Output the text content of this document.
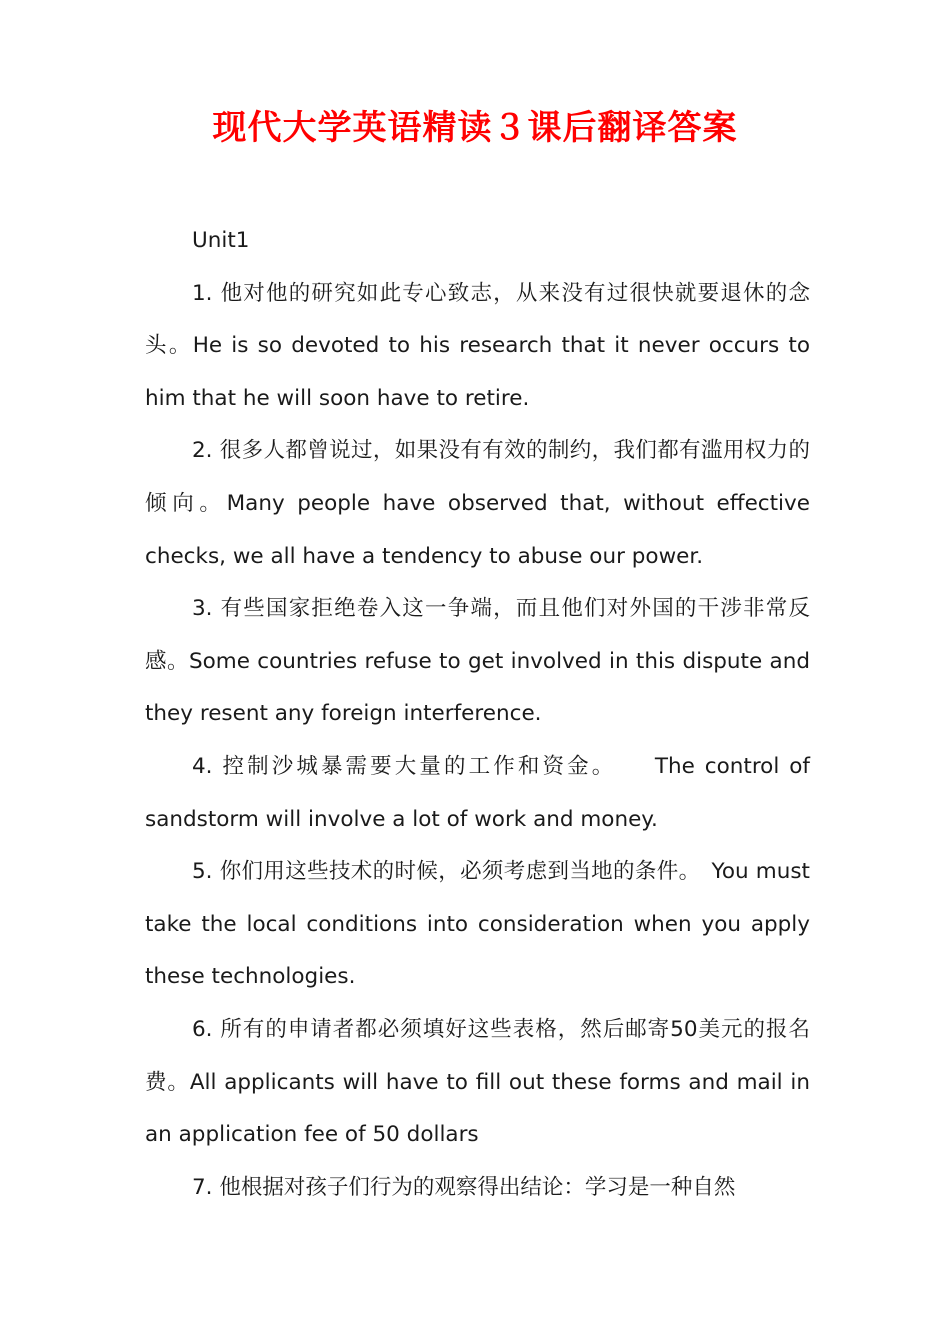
现代大学英语精读３课后翻译答案

Unit1

1. 他对他的研究如此专心致志，从来没有过很快就要退休的念头。He is so devoted to his research that it never occurs to him that he will soon have to retire.

2. 很多人都曾说过，如果没有有效的制约，我们都有滥用权力的倾向。Many people have observed that, without effective checks, we all have a tendency to abuse our power.

3. 有些国家拒绝卷入这一争端，而且他们对外国的干涉非常反感。Some countries refuse to get involved in this dispute and they resent any foreign interference.

4. 控制沙城暴需要大量的工作和资金。　　The control of sandstorm will involve a lot of work and money.

5. 你们用这些技术的时候，必须考虑到当地的条件。　You must take the local conditions into consideration when you apply these technologies.

6. 所有的申请者都必须填好这些表格，然后邮寄50美元的报名费。All applicants will have to fill out these forms and mail in an application fee of 50 dollars

7. 他根据对孩子们行为的观察得出结论：学习是一种自然
